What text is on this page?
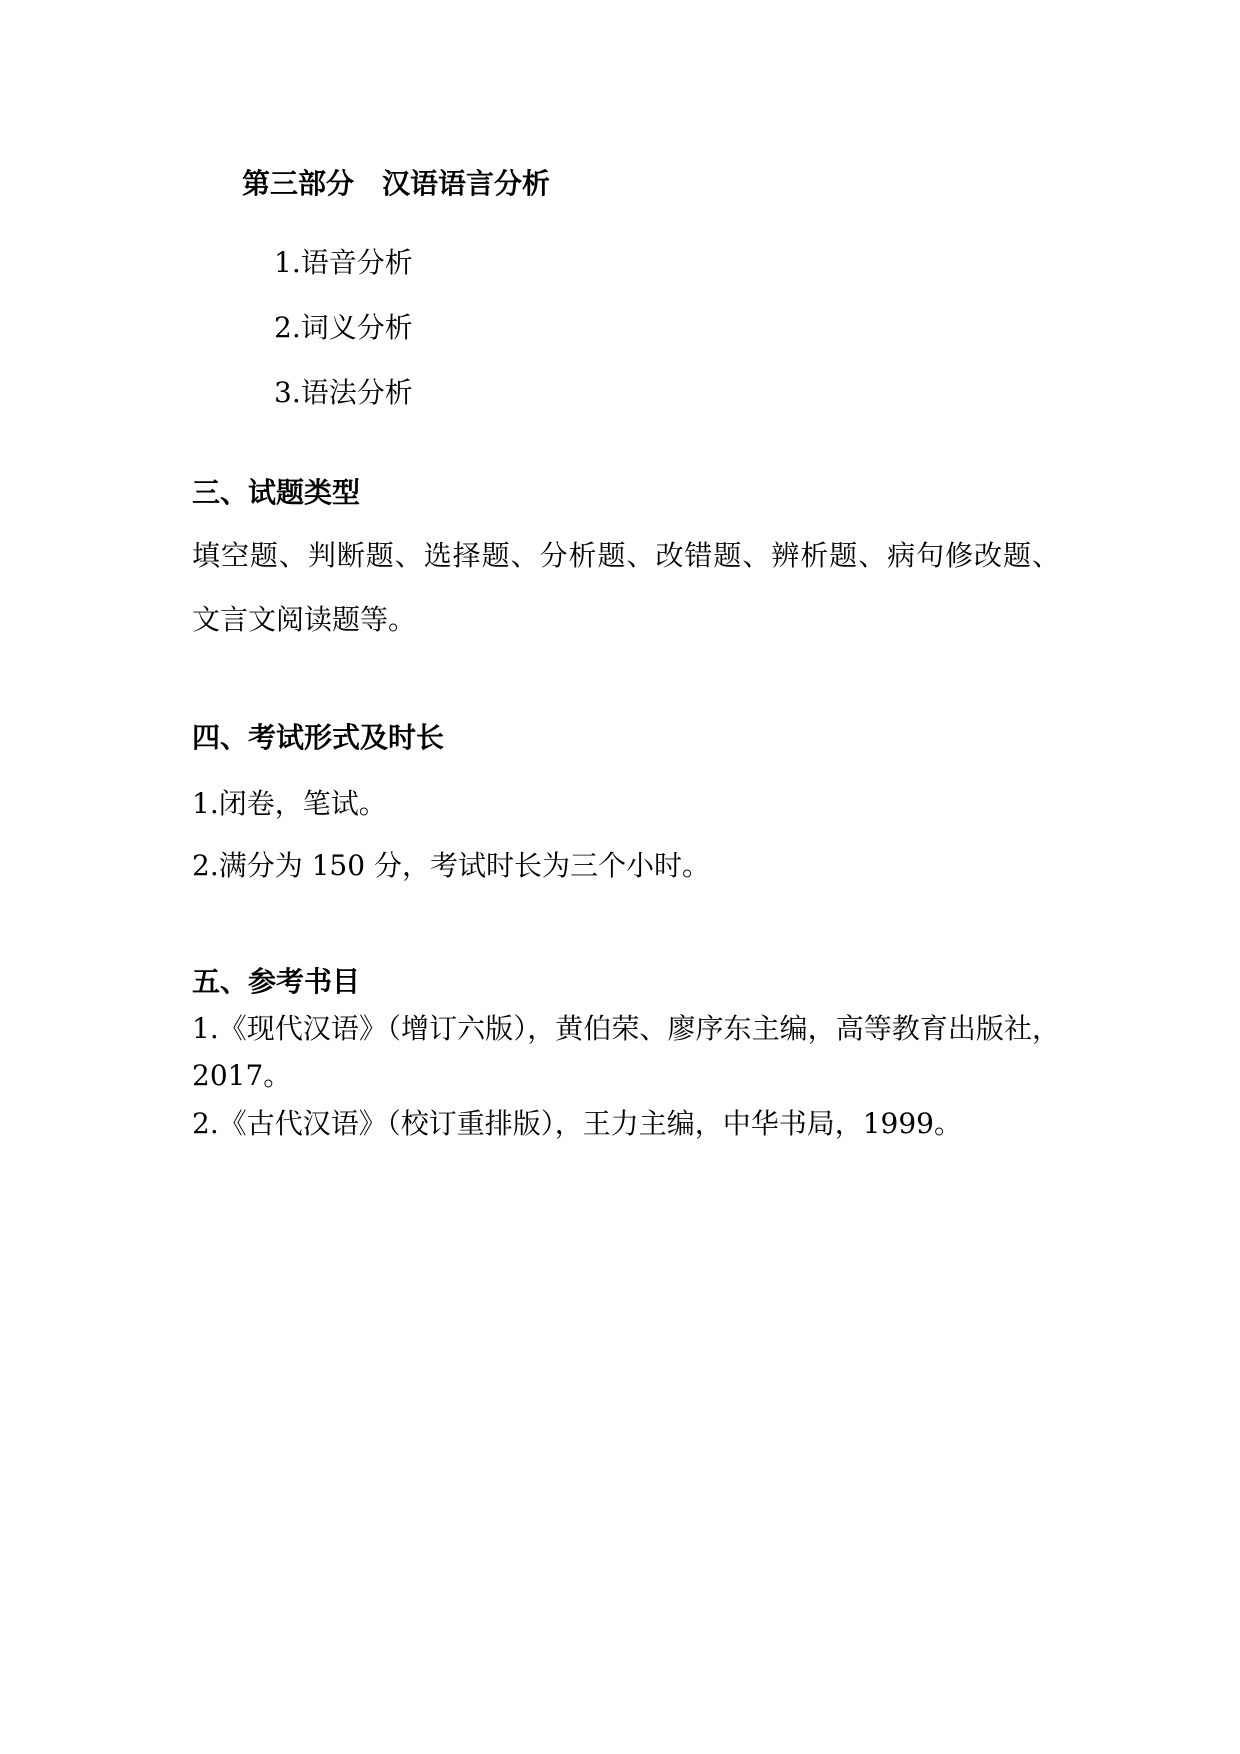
第三部分　汉语语言分析
1.语音分析
2.词义分析
3.语法分析
三、试题类型
填空题、判断题、选择题、分析题、改错题、辨析题、病句修改题、
文言文阅读题等。
四、考试形式及时长
1.闭卷，笔试。
2.满分为 150 分，考试时长为三个小时。
五、参考书目
1.《现代汉语》（增订六版），黄伯荣、廖序东主编，高等教育出版社，
2017。
2.《古代汉语》（校订重排版），王力主编，中华书局，1999。
